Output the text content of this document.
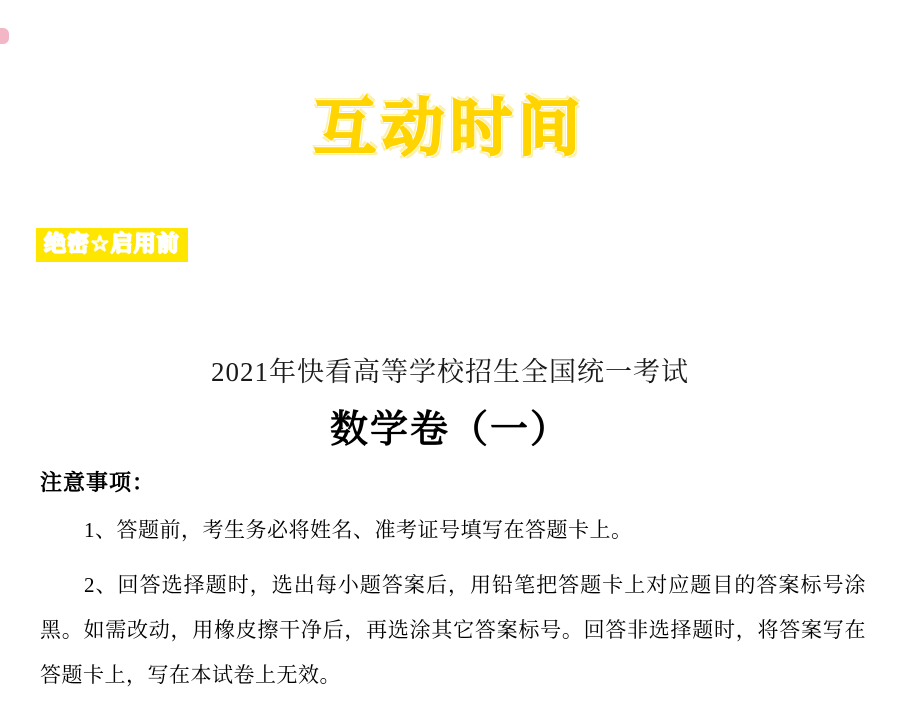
互动时间
绝密☆启用前
2021年快看高等学校招生全国统一考试
数学卷（一）
注意事项：
1、答题前，考生务必将姓名、准考证号填写在答题卡上。
2、回答选择题时，选出每小题答案后，用铅笔把答题卡上对应题目的答案标号涂黑。如需改动，用橡皮擦干净后，再选涂其它答案标号。回答非选择题时，将答案写在答题卡上，写在本试卷上无效。
